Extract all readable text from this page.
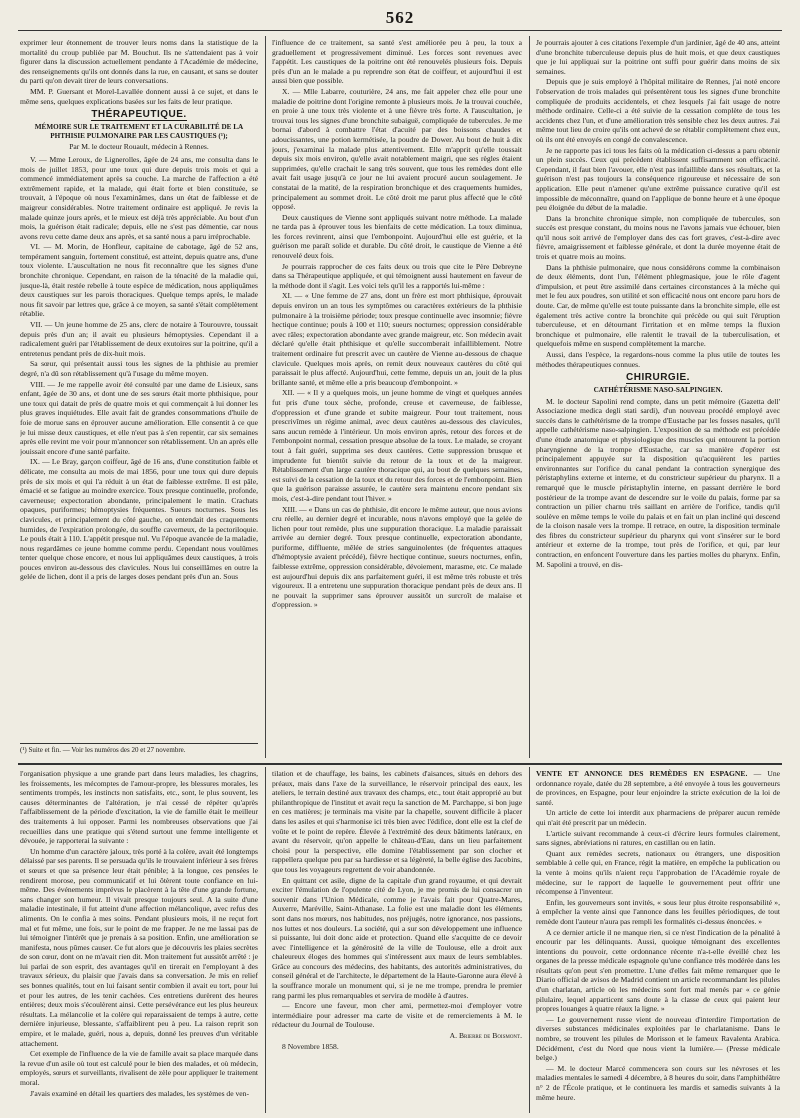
562

exprimer leur étonnement de trouver leurs noms dans la statistique de la mortalité du croup publiée par M. Bouchut. Ils ne s'attendaient pas à voir figurer dans la discussion actuellement pendante à l'Académie de médecine, des renseignements qu'ils ont donnés dans la rue, en causant, et sans se douter du parti qu'on devait tirer de leurs conversations.

MM. P. Guersant et Morel-Lavallée donnent aussi à ce sujet, et dans le même sens, quelques explications basées sur les faits de leur pratique.

THÉRAPEUTIQUE.
MÉMOIRE SUR LE TRAITEMENT ET LA CURABILITÉ DE LA PHTHISIE PULMONAIRE PAR LES CAUSTIQUES (¹);

Par M. le docteur Rouault, médecin à Rennes.

V. — Mme Leroux, de Lignerolles, âgée de 24 ans, me consulta dans le mois de juillet 1853, pour une toux qui dure depuis trois mois et qui a commencé immédiatement après sa couche. La marche de l'affection a été extrêmement rapide, et la malade, qui était forte et bien constituée, se trouvait, à l'époque où nous l'examinâmes, dans un état de faiblesse et de maigreur considérables. Notre traitement ordinaire est appliqué. Je revis la malade quinze jours après, et le mieux est déjà très appréciable. Au bout d'un mois, la guérison était radicale; depuis, elle ne s'est pas démentie, car nous avons revu cette dame deux ans après, et sa santé nous a paru irréprochable.

VI. — M. Morin, de Honfleur, capitaine de cabotage, âgé de 52 ans, tempérament sanguin, fortement constitué, est atteint, depuis quatre ans, d'une toux violente. L'auscultation ne nous fit reconnaître que les signes d'une bronchite chronique. Cependant, en raison de la ténacité de la maladie qui, jusque-là, était restée rebelle à toute espèce de médication, nous appliquâmes deux caustiques sur les parois thoraciques. Quelque temps après, le malade nous fit savoir par lettres que, grâce à ce moyen, sa santé s'était complètement rétablie.

VII. — Un jeune homme de 25 ans, clerc de notaire à Tourouvre, toussait depuis près d'un an; il avait eu plusieurs hémoptysies. Cependant il a radicalement guéri par l'établissement de deux exutoires sur la poitrine, qu'il a entretenus pendant près de dix-huit mois.

Sa sœur, qui présentait aussi tous les signes de la phthisie au premier degré, n'a dû son rétablissement qu'à l'usage du même moyen.

VIII. — Je me rappelle avoir été consulté par une dame de Lisieux, sans enfant, âgée de 30 ans, et dont une de ses sœurs était morte phthisique, pour une toux qui datait de près de quatre mois et qui commençait à lui donner les plus graves inquiétudes. Elle avait fait de grandes consommations d'huile de foie de morue sans en éprouver aucune amélioration. Elle consentit à ce que je lui misse deux caustiques, et elle n'eut pas à s'en repentir, car six semaines après elle revint me voir pour m'annoncer son rétablissement. Un an après elle jouissait encore d'une santé parfaite.

IX. — Le Bray, garçon coiffeur, âgé de 16 ans, d'une constitution faible et délicate, me consulta au mois de mai 1856, pour une toux qui dure depuis près de six mois et qui l'a réduit à un état de faiblesse extrême. Il est pâle, émacié et se fatigue au moindre exercice. Toux presque continuelle, profonde, caverneuse; expectoration abondante, principalement le matin. Crachats opaques, puriformes; hémoptysies fréquentes. Sueurs nocturnes. Sous les clavicules, et principalement du côté gauche, on entendait des craquements humides, de l'expiration prolongée, du souffle caverneux, de la pectoriloquie. Le pouls était à 110. L'appétit presque nul. Vu l'époque avancée de la maladie, nous regardâmes ce jeune homme comme perdu. Cependant nous voulûmes tenter quelque chose encore, et nous lui appliquâmes deux caustiques, à trois pouces environ au-dessous des clavicules. Nous lui conseillâmes en outre la gelée de lichen, dont il a pris de larges doses pendant près d'un an. Sous

(¹) Suite et fin. — Voir les numéros des 20 et 27 novembre.

l'influence de ce traitement, sa santé s'est améliorée peu à peu, la toux a graduellement et progressivement diminué. Les forces sont revenues avec l'appétit. Les caustiques de la poitrine ont été renouvelés plusieurs fois. Depuis près d'un an le malade a pu reprendre son état de coiffeur, et aujourd'hui il est aussi bien que possible.

X. — Mlle Labarre, couturière, 24 ans, me fait appeler chez elle pour une maladie de poitrine dont l'origine remonte à plusieurs mois. Je la trouvai couchée, en proie à une toux très violente et à une fièvre très forte. A l'auscultation, je trouvai tous les signes d'une bronchite subaiguë, compliquée de tubercules. Je me bornai d'abord à combattre l'état d'acuité par des boissons chaudes et adoucissantes, une potion kermétisée, la poudre de Dower. Au bout de huit à dix jours, j'examinai la malade plus attentivement. Elle m'apprit qu'elle toussait depuis six mois environ, qu'elle avait notablement maigri, que ses règles étaient supprimées, qu'elle crachait le sang très souvent, que tous les remèdes dont elle avait fait usage jusqu'à ce jour ne lui avaient procuré aucun soulagement. Je constatai de la matité, de la respiration bronchique et des craquements humides, principalement au sommet droit. Le côté droit me parut plus affecté que le côté opposé.

Deux caustiques de Vienne sont appliqués suivant notre méthode. La malade ne tarda pas à éprouver tous les bienfaits de cette médication. La toux diminua, les forces revinrent, ainsi que l'embonpoint. Aujourd'hui elle est guérie, et la guérison me paraît solide et durable. Du côté droit, le caustique de Vienne a été renouvelé deux fois.

Je pourrais rapprocher de ces faits deux ou trois que cite le Père Debreyne dans sa Thérapeutique appliquée, et qui témoignent aussi hautement en faveur de la méthode dont il s'agit. Les voici tels qu'il les a rapportés lui-même :

XI. — « Une femme de 27 ans, dont un frère est mort phthisique, éprouvait depuis environ un an tous les symptômes ou caractères extérieurs de la phthisie pulmonaire à la troisième période; toux presque continuelle avec insomnie; fièvre hectique continue; pouls à 100 et 110; sueurs nocturnes; oppression considérable avec râles; expectoration abondante avec grande maigreur, etc. Son médecin avait déclaré qu'elle était phthisique et qu'elle succomberait infailliblement. Notre traitement ordinaire fut prescrit avec un cautère de Vienne au-dessous de chaque clavicule. Quelques mois après, on remit deux nouveaux cautères du côté qui paraissait le plus affecté. Aujourd'hui, cette femme, depuis un an, jouit de la plus brillante santé, et même elle a pris beaucoup d'embonpoint. »

XII. — « Il y a quelques mois, un jeune homme de vingt et quelques années fut pris d'une toux sèche, profonde, creuse et caverneuse, de faiblesse, d'oppression et d'une grande et subite maigreur. Pour tout traitement, nous prescrivîmes un régime animal, avec deux cautères au-dessous des clavicules, sans aucun remède à l'intérieur. Un mois environ après, retour des forces et de l'embonpoint normal, cessation presque absolue de la toux. Le malade, se croyant tout à fait guéri, supprima ses deux cautères. Cette suppression brusque et imprudente fut bientôt suivie du retour de la toux et de la maigreur. Rétablissement d'un large cautère thoracique qui, au bout de quelques semaines, est suivi de la cessation de la toux et du retour des forces et de l'embonpoint. Bien que la guérison paraisse assurée, le cautère sera maintenu encore pendant six mois, c'est-à-dire pendant tout l'hiver. »

XIII. — « Dans un cas de phthisie, dit encore le même auteur, que nous avions cru réelle, au dernier degré et incurable, nous n'avons employé que la gelée de lichen pour tout remède, plus une suppuration thoracique. La maladie paraissait arrivée au dernier degré. Toux presque continuelle, expectoration abondante, puriforme, diffluente, mêlée de stries sanguinolentes (de fréquentes attaques d'hémoptysie avaient précédé), fièvre hectique continue, sueurs nocturnes, enfin, faiblesse extrême, oppression considérable, dévoiement, marasme, etc. Ce malade est aujourd'hui depuis dix ans parfaitement guéri, il est même très robuste et très vigoureux. Il a entretenu une suppuration thoracique pendant près de deux ans. Il ne pouvait la supprimer sans éprouver aussitôt un surcroît de malaise et d'oppression. »

Je pourrais ajouter à ces citations l'exemple d'un jardinier, âgé de 40 ans, atteint d'une bronchite tuberculeuse depuis plus de huit mois, et que deux caustiques que je lui appliquai sur la poitrine ont suffi pour guérir dans moins de six semaines.

Depuis que je suis employé à l'hôpital militaire de Rennes, j'ai noté encore l'observation de trois malades qui présentèrent tous les signes d'une bronchite compliquée de produits accidentels, et chez lesquels j'ai fait usage de notre méthode ordinaire. Celle-ci a été suivie de la cessation complète de tous les accidents chez l'un, et d'une amélioration très sensible chez les deux autres. J'ai même tout lieu de croire qu'ils ont achevé de se rétablir complètement chez eux, où ils ont été envoyés en congé de convalescence.

Je ne rapporte pas ici tous les faits où la médication ci-dessus a paru obtenir un plein succès. Ceux qui précèdent établissent suffisamment son efficacité. Cependant, il faut bien l'avouer, elle n'est pas infaillible dans ses résultats, et la guérison n'est pas toujours la conséquence rigoureuse et nécessaire de son application. Elle peut n'amener qu'une extrême puissance curative qu'il est impossible de méconnaître, quand on l'applique de bonne heure et à une époque peu éloignée du début de la maladie.

Dans la bronchite chronique simple, non compliquée de tubercules, son succès est presque constant, du moins nous ne l'avons jamais vue échouer, bien qu'il nous soit arrivé de l'employer dans des cas fort graves, c'est-à-dire avec fièvre, amaigrissement et faiblesse générale, et dont la durée moyenne était de trois et quatre mois au moins.

Dans la phthisie pulmonaire, que nous considérons comme la combinaison de deux éléments, dont l'un, l'élément phlegmasique, joue le rôle d'agent d'impulsion, et peut être assimilé dans certaines circonstances à la mèche qui met le feu aux poudres, son utilité et son efficacité nous ont encore paru hors de doute. Car, de même qu'elle est toute puissante dans la bronchite simple, elle est également très active contre la bronchite qui précède ou qui suit l'éruption tuberculeuse, et en détournant l'irritation et en même temps la fluxion bronchique et pulmonaire, elle ralentit le travail de la tuberculisation, et quelquefois même en suspend complètement la marche.

Aussi, dans l'espèce, la regardons-nous comme la plus utile de toutes les méthodes thérapeutiques connues.

CHIRURGIE.
CATHÉTÉRISME NASO-SALPINGIEN.

M. le docteur Sapolini rend compte, dans un petit mémoire (Gazetta dell' Associazione medica degli stati sardi), d'un nouveau procédé employé avec succès dans le cathétérisme de la trompe d'Eustache par les fosses nasales, qu'il appelle cathétérisme naso-salpingien. L'exposition de sa méthode est précédée d'une étude anatomique et physiologique des muscles qui entourent la portion pharyngienne de la trompe d'Eustache, car sa manière d'opérer est principalement appuyée sur la disposition qu'acquièrent les parties environnantes sur l'orifice du canal pendant la contraction synergique des péristaphylins externe et interne, et du constricteur supérieur du pharynx. Il a remarqué que le muscle péristaphylin interne, en passant derrière le bord postérieur de la trompe avant de descendre sur le voile du palais, forme par sa contraction un pilier charnu très saillant en arrière de l'orifice, tandis qu'il soulève en même temps le voile du palais et en fait un plan incliné qui descend de la cloison nasale vers la trompe. Il retrace, en outre, la disposition terminale des fibres du constricteur supérieur du pharynx qui vont s'insérer sur le bord antérieur et externe de la trompe, tout près de l'orifice, et qui, par leur contraction, en enfoncent l'ouverture dans les parties molles du pharynx. Enfin, M. Sapolini a trouvé, en dis-

l'organisation physique a une grande part dans leurs maladies, les chagrins, les froissements, les mécomptes de l'amour-propre, les blessures morales, les sentiments trompés, les instincts non satisfaits, etc., sont, le plus souvent, les causes déterminantes de l'altération, je n'ai cessé de répéter qu'après l'affaiblissement de la période d'excitation, la vie de famille était le meilleur des traitements à lui opposer. Parmi les nombreuses observations que j'ai recueillies dans une pratique qui s'étend surtout une femme intelligente et dévouée, je rapporterai la suivante :

Un homme d'un caractère jaloux, très porté à la colère, avait été longtemps délaissé par ses parents. Il se persuada qu'ils le trouvaient inférieur à ses frères et sœurs et que sa présence leur était pénible; à la longue, ces pensées le rendirent morose, peu communicatif et lui ôtèrent toute confiance en lui-même. Des événements imprévus le placèrent à la tête d'une grande fortune, sans changer son humeur. Il vivait presque toujours seul. A la suite d'une maladie intestinale, il fut atteint d'une affection mélancolique, avec refus des aliments. On le confia à mes soins. Pendant plusieurs mois, il ne reçut fort mal et fut même, une fois, sur le point de me frapper. Je ne me lassai pas de lui témoigner l'intérêt que je prenais à sa position. Enfin, une amélioration se manifesta, nous pûmes causer. Ce fut alors que je découvris les plaies secrètes de son cœur, dont on ne m'avait rien dit. Mon traitement fut aussitôt arrêté : je lui parlai de son esprit, des avantages qu'il en tirerait en l'employant à des travaux sérieux, du plaisir que j'avais dans sa conversation. Je mis en relief ses bonnes qualités, tout en lui faisant sentir combien il avait eu tort, pour lui et pour les autres, de les tenir cachées. Ces entretiens durèrent des heures entières; deux mois s'écoulèrent ainsi. Cette persévérance eut les plus heureux résultats. La mélancolie et la colère qui reparaissaient de temps à autre, cette dernière injurieuse, blessante, s'affaiblirent peu à peu. La raison reprit son empire, et le malade, guéri, nous a, depuis, donné les preuves d'un véritable attachement.

Cet exemple de l'influence de la vie de famille avait sa place marquée dans la revue d'un asile où tout est calculé pour le bien des malades, et où médecin, employés, sœurs et surveillants, rivalisent de zèle pour appliquer le traitement moral.

J'avais examiné en détail les quartiers des malades, les systèmes de ven-

tilation et de chauffage, les bains, les cabinets d'aisances, situés en dehors des préaux, mais dans l'axe de la surveillance, le réservoir principal des eaux, les ateliers, le terrain destiné aux travaux des champs, etc., tout était approprié au but philanthropique de l'institut et avait reçu la sanction de M. Parchappe, si bon juge en ces matières; je terminais ma visite par la chapelle, souvent difficile à placer dans les asiles et qui s'harmonise ici très bien avec l'édifice, dont elle est la clef de voûte et le point de repère. Élevée à l'extrémité des deux bâtiments latéraux, en avant du réservoir, qu'on appelle le château-d'Eau, dans un lieu parfaitement choisi pour la perspective, elle domine l'établissement par son clocher et rappellera quelque peu par sa hardiesse et sa légèreté, la belle église des Jacobins, que tous les voyageurs regrettent de voir abandonnée.

En quittant cet asile, digne de la capitale d'un grand royaume, et qui devrait exciter l'émulation de l'opulente cité de Lyon, je me promis de lui consacrer un souvenir dans l'Union Médicale, comme je l'avais fait pour Quatre-Mares, Auxerre, Maréville, Saint-Athanase. La folie est une maladie dont les éléments sont dans nos mœurs, nos habitudes, nos préjugés, notre ignorance, nos passions, nos luttes et nos douleurs. La société, qui a sur son développement une influence si puissante, lui doit donc aide et protection. Quand elle s'acquitte de ce devoir avec l'intelligence et la générosité de la ville de Toulouse, elle a droit aux chaleureux éloges des hommes qui s'intéressent aux maux de leurs semblables. Grâce au concours des médecins, des habitants, des autorités administratives, du conseil général et de l'architecte, le département de la Haute-Garonne aura élevé à la souffrance morale un monument qui, si je ne me trompe, prendra le premier rang parmi les plus remarquables et servira de modèle à d'autres.

— Encore une faveur, mon cher ami, permettez-moi d'employer votre intermédiaire pour adresser ma carte de visite et de remerciements à M. le rédacteur du Journal de Toulouse.

A. Brierre de Boismont.

8 Novembre 1858.

VENTE ET ANNONCE DES REMÈDES EN ESPAGNE. — Une ordonnance royale, datée du 28 septembre, a été envoyée à tous les gouverneurs de provinces, en Espagne, pour leur enjoindre la stricte exécution de la loi de santé.

Un article de cette loi interdit aux pharmaciens de préparer aucun remède qui n'ait été prescrit par un médecin.

L'article suivant recommande à ceux-ci d'écrire leurs formules clairement, sans signes, abréviations ni ratures, en castillan ou en latin.

Quant aux remèdes secrets, nationaux ou étrangers, une disposition semblable à celle qui, en France, régit la matière, en empêche la publication ou la vente à moins qu'ils n'aient reçu l'approbation de l'Académie royale de médecine, sur le rapport de laquelle le gouvernement peut offrir une récompense à l'inventeur.

Enfin, les gouverneurs sont invités, « sous leur plus étroite responsabilité », à empêcher la vente ainsi que l'annonce dans les feuilles périodiques, de tout remède dont l'auteur n'aura pas rempli les formalités ci-dessus énoncées. »

A ce dernier article il ne manque rien, si ce n'est l'indication de la pénalité à encourir par les délinquants. Aussi, quoique témoignant des excellentes intentions du pouvoir, cette ordonnance récente n'a-t-elle éveillé chez les organes de la presse médicale espagnole qu'une confiance très modérée dans les résultats qu'on peut s'en promettre. L'une d'elles fait même remarquer que le Diario official de avisos de Madrid contient un article recommandant les pilules d'un charlatan, article où les médecins sont fort mal menés par « ce génie pilulaire, lequel apparticent sans doute à la classe de ceux qui paient leur propres louanges à quatre réaux la ligne. »

— Le gouvernement russe vient de nouveau d'interdire l'importation de diverses substances médicinales exploitées par le charlatanisme. Dans le nombre, se trouvent les pilules de Morisson et le fameux Ravalenta Arabica. Décidément, c'est du Nord que nous vient la lumière.— (Presse médicale belge.)

— M. le docteur Marcé commencera son cours sur les névroses et les maladies mentales le samedi 4 décembre, à 8 heures du soir, dans l'amphithéâtre n° 2 de l'École pratique, et le continuera les mardis et samedis suivants à la même heure.
